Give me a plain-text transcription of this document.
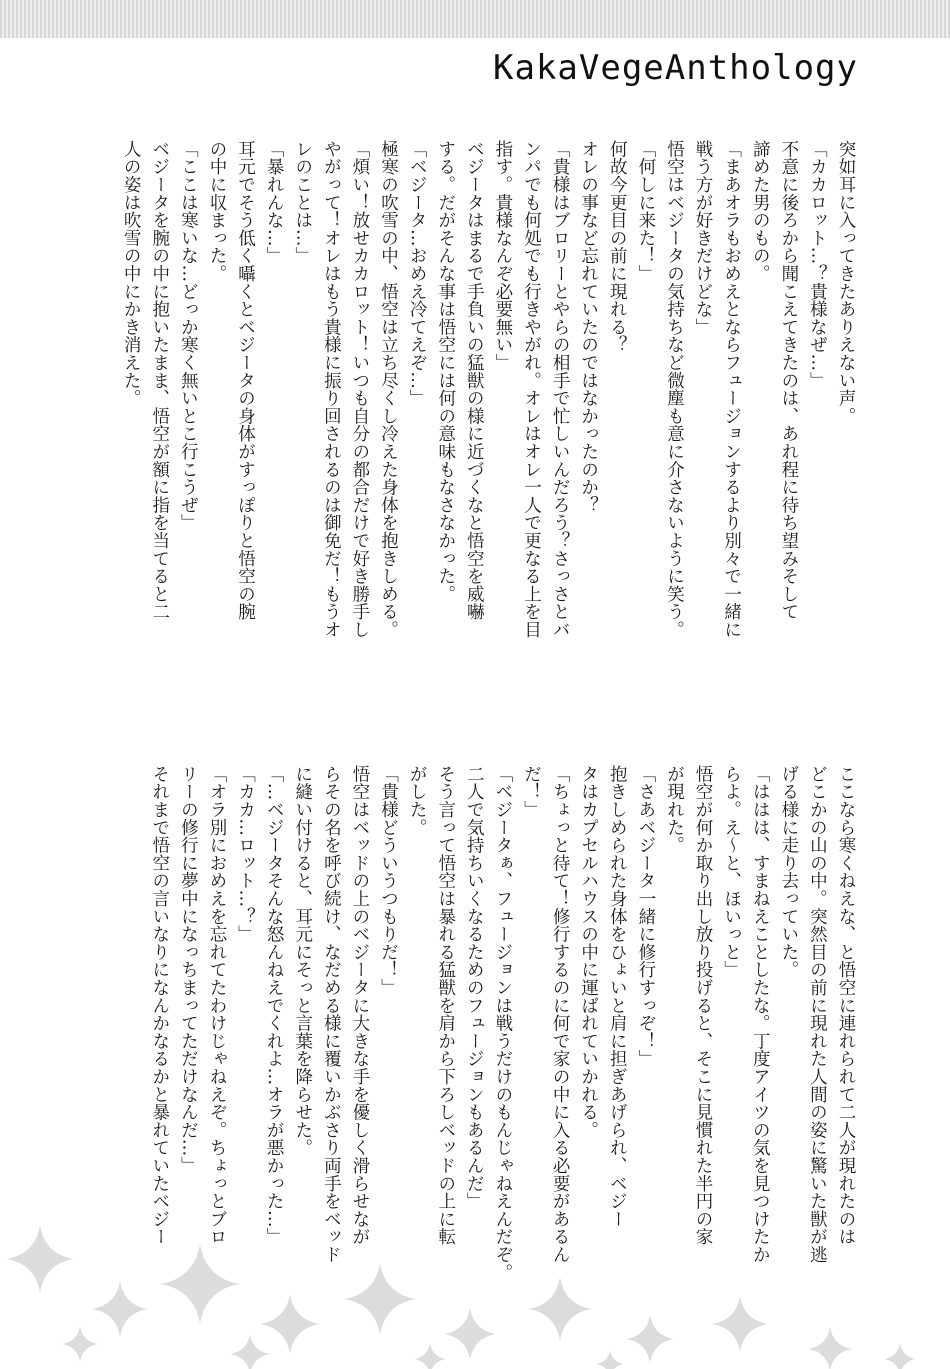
KakaVegeAnthology
突如耳に入ってきたありえない声。
「カカロット…？貴様なぜ…」
不意に後ろから聞こえてきたのは、あれ程に待ち望みそして
諦めた男のもの。
「まあオラもおめえとならフュージョンするより別々で一緒に
戦う方が好きだけどな」
悟空はベジータの気持ちなど微塵も意に介さないように笑う。
「何しに来た！」
何故今更目の前に現れる？
オレの事など忘れていたのではなかったのか？
「貴様はブロリーとやらの相手で忙しいんだろう？さっさとバ
ンパでも何処でも行きやがれ。オレはオレ一人で更なる上を目
指す。貴様なんぞ必要無い」
ベジータはまるで手負いの猛獣の様に近づくなと悟空を威嚇
する。だがそんな事は悟空には何の意味もなさなかった。
「ベジータ…おめえ冷てえぞ…」
極寒の吹雪の中、悟空は立ち尽くし冷えた身体を抱きしめる。
「煩い！放せカカロット！いつも自分の都合だけで好き勝手し
やがって！オレはもう貴様に振り回されるのは御免だ！もうオ
レのことは…」
「暴れんな…」
耳元でそう低く囁くとベジータの身体がすっぽりと悟空の腕
の中に収まった。
「ここは寒いな…どっか寒く無いとこ行こうぜ」
ベジータを腕の中に抱いたまま、悟空が額に指を当てると二
人の姿は吹雪の中にかき消えた。
ここなら寒くねえな、と悟空に連れられて二人が現れたのは
どこかの山の中。突然目の前に現れた人間の姿に驚いた獣が逃
げる様に走り去っていた。
「ははは、すまねえことしたな。丁度アイツの気を見つけたか
らよ。え〜と、ほいっと」
悟空が何か取り出し放り投げると、そこに見慣れた半円の家
が現れた。
「さあベジータ一緒に修行すっぞ！」
抱きしめられた身体をひょいと肩に担ぎあげられ、ベジー
タはカプセルハウスの中に運ばれていかれる。
「ちょっと待て！修行するのに何で家の中に入る必要があるん
だ！」
「ベジータぁ、フュージョンは戦うだけのもんじゃねえんだぞ。
二人で気持ちいくなるためのフュージョンもあるんだ」
そう言って悟空は暴れる猛獣を肩から下ろしベッドの上に転
がした。
「貴様どういうつもりだ！」
悟空はベッドの上のベジータに大きな手を優しく滑らせなが
らその名を呼び続け、なだめる様に覆いかぶさり両手をベッド
に縫い付けると、耳元にそっと言葉を降らせた。
「…ベジータそんな怒んねえでくれよ…オラが悪かった…」
「カカ…ロット…？」
「オラ別におめえを忘れてたわけじゃねえぞ。ちょっとブロ
リーの修行に夢中になっちまってただけなんだ…」
それまで悟空の言いなりになんかなるかと暴れていたベジー
